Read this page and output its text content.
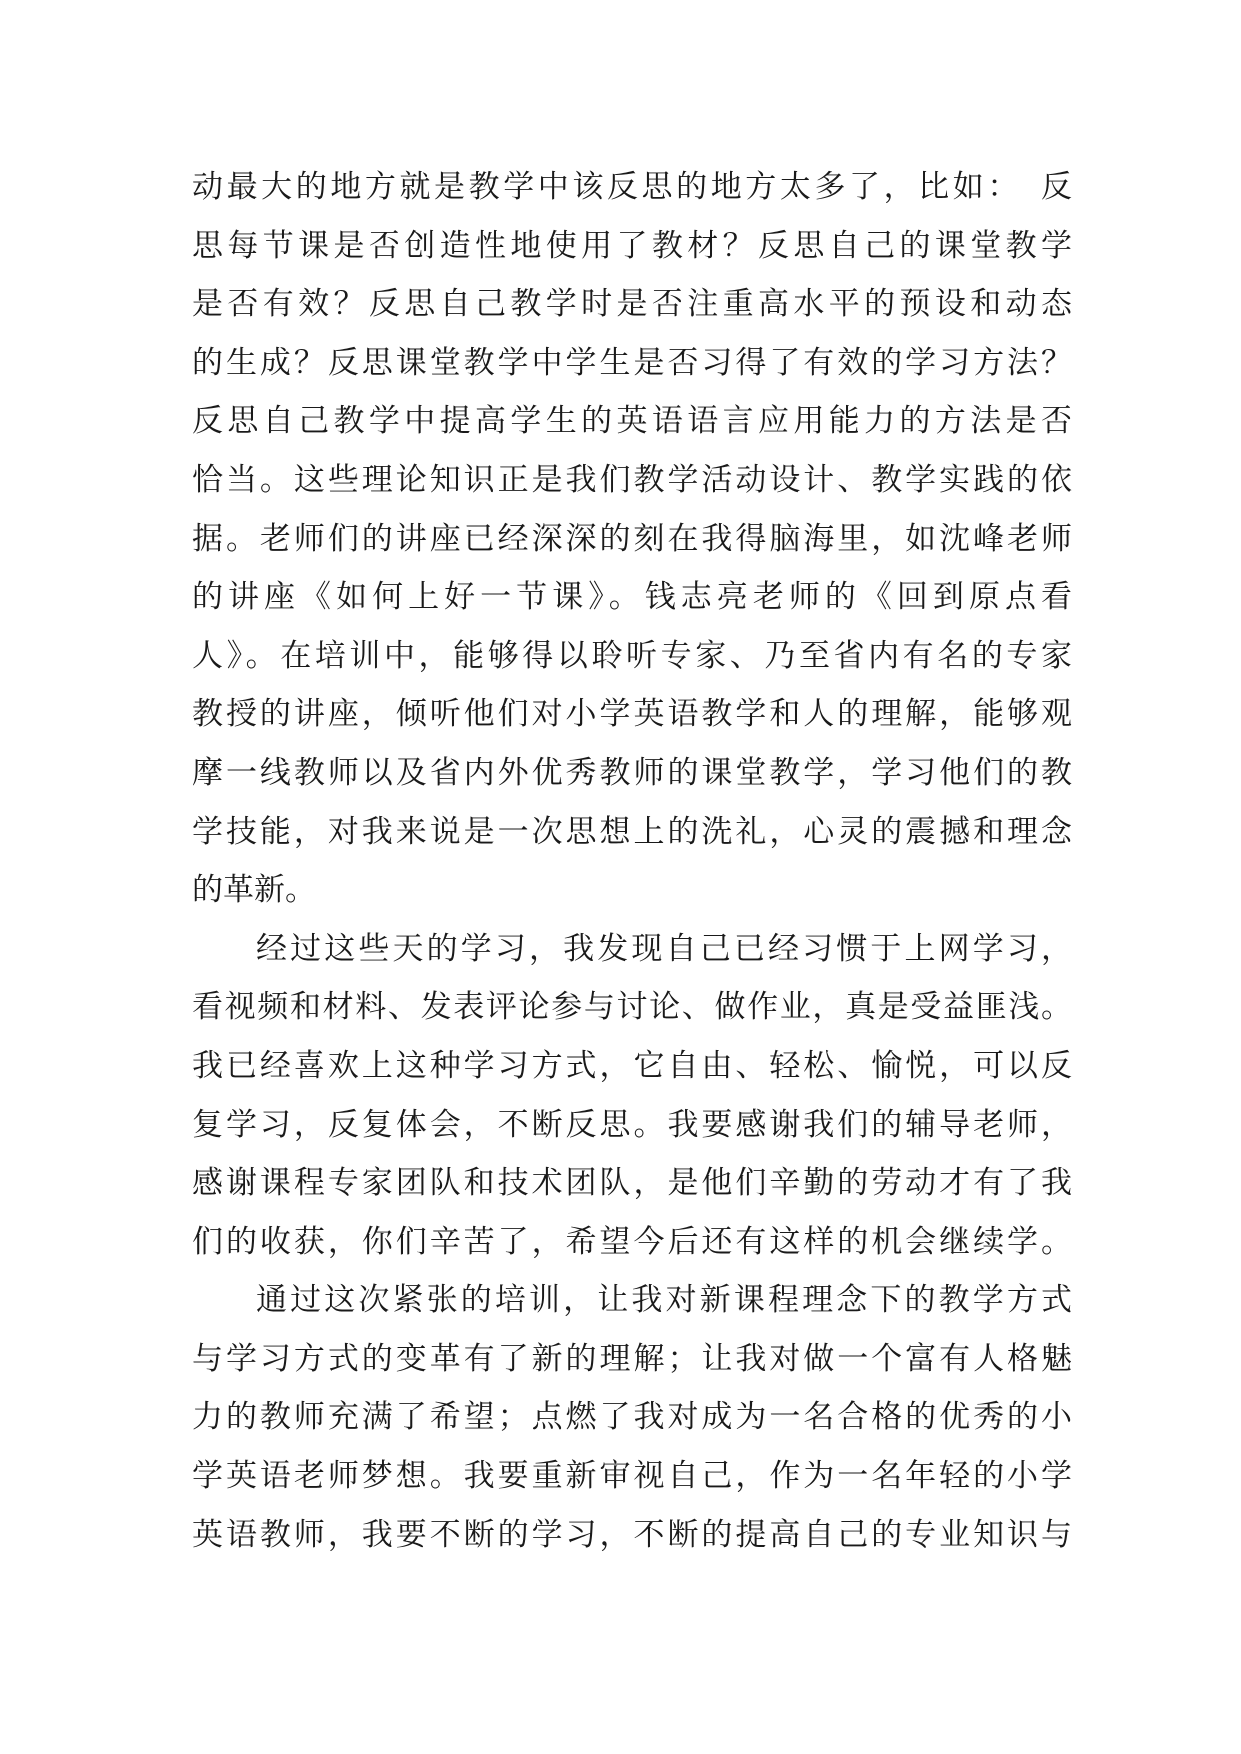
动最大的地方就是教学中该反思的地方太多了，比如：　反
思每节课是否创造性地使用了教材？反思自己的课堂教学
是否有效？反思自己教学时是否注重高水平的预设和动态
的生成？反思课堂教学中学生是否习得了有效的学习方法？
反思自己教学中提高学生的英语语言应用能力的方法是否
恰当。这些理论知识正是我们教学活动设计、教学实践的依
据。老师们的讲座已经深深的刻在我得脑海里，如沈峰老师
的讲座《如何上好一节课》。钱志亮老师的《回到原点看
人》。在培训中，能够得以聆听专家、乃至省内有名的专家
教授的讲座，倾听他们对小学英语教学和人的理解，能够观
摩一线教师以及省内外优秀教师的课堂教学，学习他们的教
学技能，对我来说是一次思想上的洗礼，心灵的震撼和理念
的革新。
经过这些天的学习，我发现自己已经习惯于上网学习，
看视频和材料、发表评论参与讨论、做作业，真是受益匪浅。
我已经喜欢上这种学习方式，它自由、轻松、愉悦，可以反
复学习，反复体会，不断反思。我要感谢我们的辅导老师，
感谢课程专家团队和技术团队，是他们辛勤的劳动才有了我
们的收获，你们辛苦了，希望今后还有这样的机会继续学。
通过这次紧张的培训，让我对新课程理念下的教学方式
与学习方式的变革有了新的理解；让我对做一个富有人格魅
力的教师充满了希望；点燃了我对成为一名合格的优秀的小
学英语老师梦想。我要重新审视自己，作为一名年轻的小学
英语教师，我要不断的学习，不断的提高自己的专业知识与
